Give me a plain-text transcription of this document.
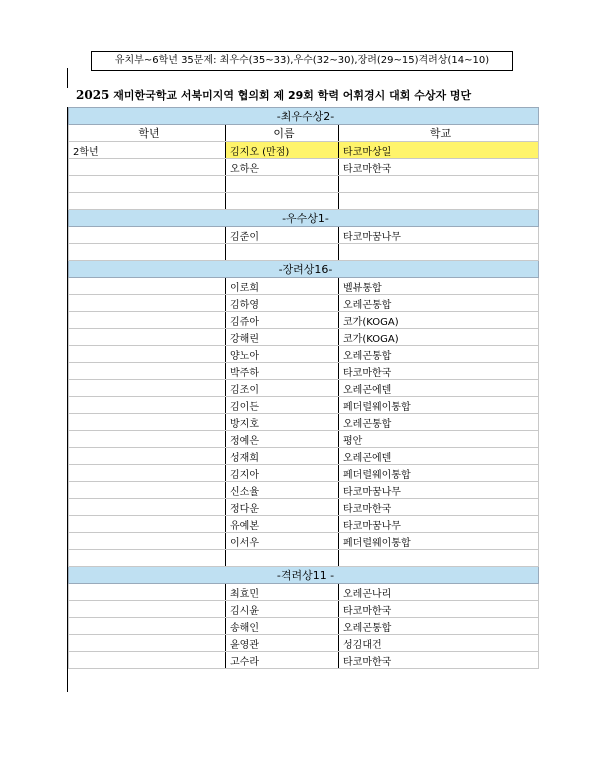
유치부~6학년 35문제: 최우수(35~33),우수(32~30),장려(29~15)격려상(14~10)
2025 재미한국학교 서북미지역 협의회 제 29회 학력 어휘경시 대회 수상자 명단
-최우수상2-		
학년	이름	학교
2학년	김지오 (만점)	타코마상일
	오하은	타코마한국

-우수상1-		
	김준이	타코마꿈나무

-장려상16-		
	이로희	벨뷰통합
	김하영	오레곤통합
	김쥬아	코가(KOGA)
	강해린	코가(KOGA)
	양노아	오레곤통합
	박주하	타코마한국
	김조이	오레곤에덴
	김이든	페더럴웨이통합
	방지호	오레곤통합
	정예은	평안
	성재희	오레곤에덴
	김지아	페더럴웨이통합
	신소율	타코마꿈나무
	정다운	타코마한국
	유예본	타코마꿈나무
	이서우	페더럴웨이통합

-격려상11 -		
	최효민	오레곤나리
	김시윤	타코마한국
	송해인	오레곤통합
	윤영관	성김대건
	고수라	타코마한국
